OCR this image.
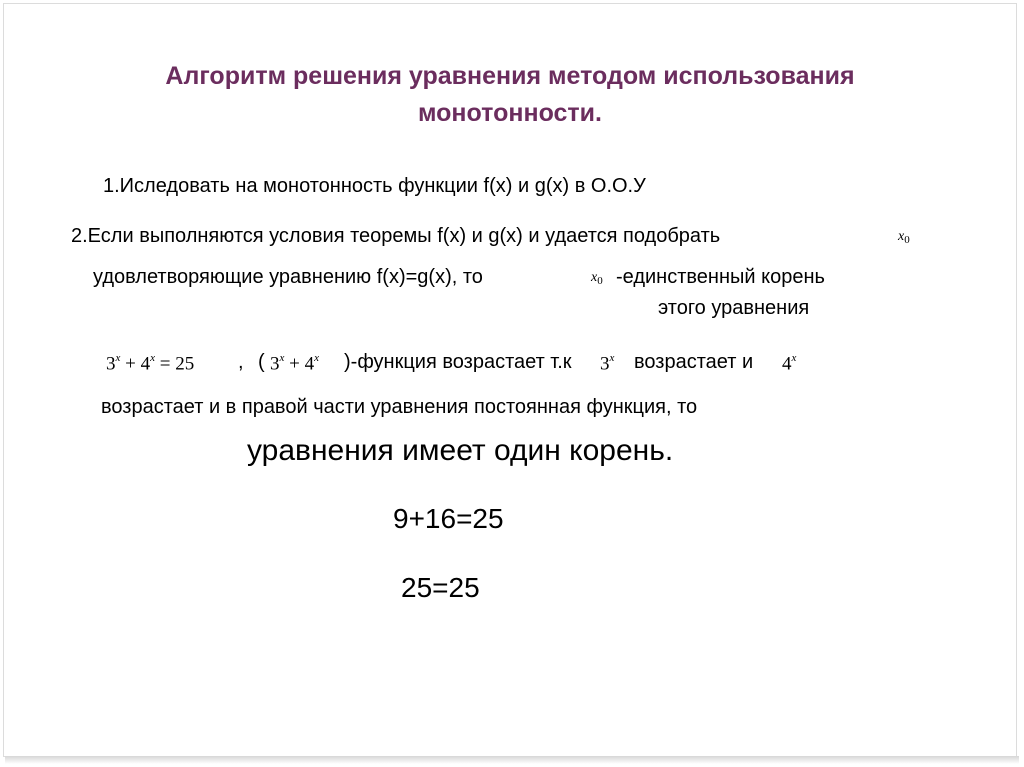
Алгоритм решения уравнения методом использования
монотонности.
1.Иследовать на монотонность функции f(x) и g(x) в О.О.У
2.Если выполняются условия теоремы f(x) и g(x) и удается подобрать	$x_0$
удовлетворяющие уравнению f(x)=g(x), то	$x_0$ -единственный корень
этого уравнения
$3^x + 4^x = 25$ , ( $3^x + 4^x$ )-функция возрастает т.к 3$^x$ возрастает и 4$^x$
возрастает и в правой части уравнения постоянная функция, то
уравнения имеет один корень.
9+16=25
25=25
